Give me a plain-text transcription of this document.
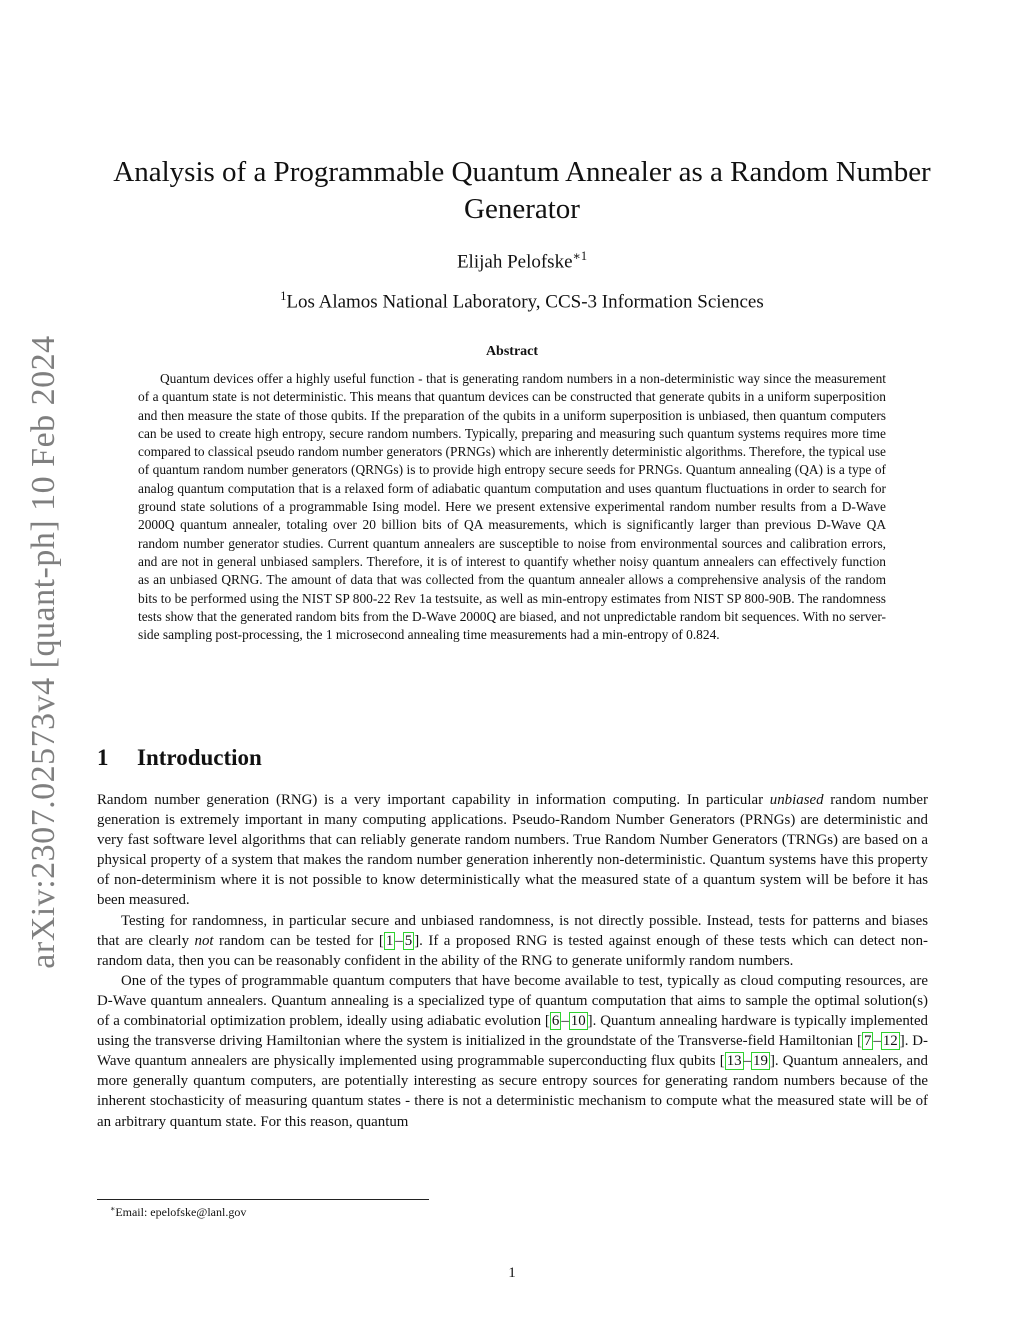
arXiv:2307.02573v4 [quant-ph] 10 Feb 2024
Analysis of a Programmable Quantum Annealer as a Random Number Generator
Elijah Pelofske$^{∗1}$
$^1$Los Alamos National Laboratory, CCS-3 Information Sciences
Abstract

Quantum devices offer a highly useful function - that is generating random numbers in a non-deterministic way since the measurement of a quantum state is not deterministic. This means that quantum devices can be constructed that generate qubits in a uniform superposition and then measure the state of those qubits. If the preparation of the qubits in a uniform superposition is unbiased, then quantum computers can be used to create high entropy, secure random numbers. Typically, preparing and measuring such quantum systems requires more time compared to classical pseudo random number generators (PRNGs) which are inherently deterministic algorithms. Therefore, the typical use of quantum random number generators (QRNGs) is to provide high entropy secure seeds for PRNGs. Quantum annealing (QA) is a type of analog quantum computation that is a relaxed form of adiabatic quantum computation and uses quantum fluctuations in order to search for ground state solutions of a programmable Ising model. Here we present extensive experimental random number results from a D-Wave 2000Q quantum annealer, totaling over 20 billion bits of QA measurements, which is significantly larger than previous D-Wave QA random number generator studies. Current quantum annealers are susceptible to noise from environmental sources and calibration errors, and are not in general unbiased samplers. Therefore, it is of interest to quantify whether noisy quantum annealers can effectively function as an unbiased QRNG. The amount of data that was collected from the quantum annealer allows a comprehensive analysis of the random bits to be performed using the NIST SP 800-22 Rev 1a testsuite, as well as min-entropy estimates from NIST SP 800-90B. The randomness tests show that the generated random bits from the D-Wave 2000Q are biased, and not unpredictable random bit sequences. With no server-side sampling post-processing, the 1 microsecond annealing time measurements had a min-entropy of 0.824.

1 Introduction

Random number generation (RNG) is a very important capability in information computing. In particular unbiased random number generation is extremely important in many computing applications. Pseudo-Random Number Generators (PRNGs) are deterministic and very fast software level algorithms that can reliably generate random numbers. True Random Number Generators (TRNGs) are based on a physical property of a system that makes the random number generation inherently non-deterministic. Quantum systems have this property of non-determinism where it is not possible to know deterministically what the measured state of a quantum system will be before it has been measured.

Testing for randomness, in particular secure and unbiased randomness, is not directly possible. Instead, tests for patterns and biases that are clearly not random can be tested for [ 1 – 5 ]. If a proposed RNG is tested against enough of these tests which can detect non-random data, then you can be reasonably confident in the ability of the RNG to generate uniformly random numbers.

One of the types of programmable quantum computers that have become available to test, typically as cloud computing resources, are D-Wave quantum annealers. Quantum annealing is a specialized type of quantum computation that aims to sample the optimal solution(s) of a combinatorial optimization problem, ideally using adiabatic evolution [ 6 – 10 ]. Quantum annealing hardware is typically implemented using the transverse driving Hamiltonian where the system is initialized in the groundstate of the Transverse-field Hamiltonian [ 7 – 12 ]. D-Wave quantum annealers are physically implemented using programmable superconducting flux qubits [ 13 – 19 ]. Quantum annealers, and more generally quantum computers, are potentially interesting as secure entropy sources for generating random numbers because of the inherent stochasticity of measuring quantum states - there is not a deterministic mechanism to compute what the measured state will be of an arbitrary quantum state. For this reason, quantum

∗Email: epelofske@lanl.gov
1
